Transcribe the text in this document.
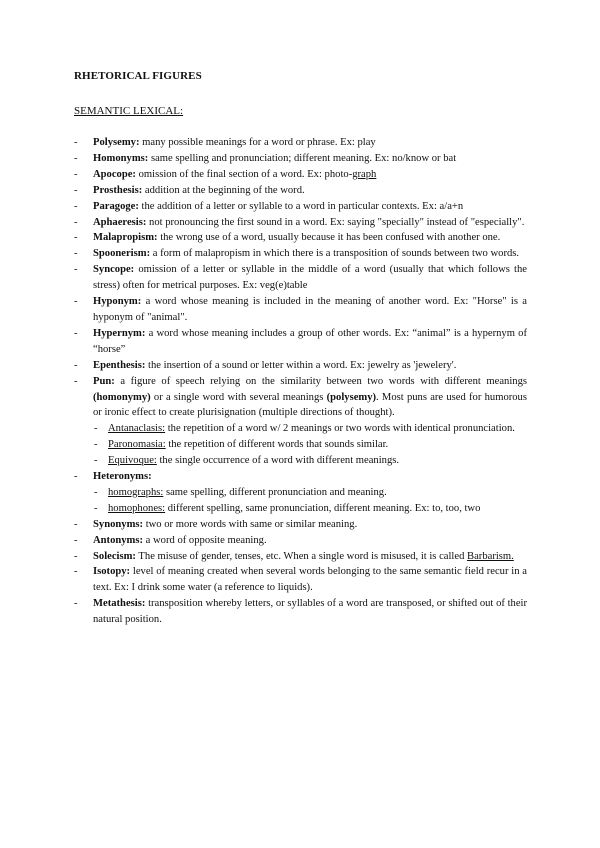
RHETORICAL FIGURES
SEMANTIC LEXICAL:
- Polysemy: many possible meanings for a word or phrase. Ex: play
- Homonyms: same spelling and pronunciation; different meaning. Ex: no/know or bat
- Apocope: omission of the final section of a word. Ex: photo-graph
- Prosthesis: addition at the beginning of the word.
- Paragoge: the addition of a letter or syllable to a word in particular contexts. Ex: a/a+n
- Aphaeresis: not pronouncing the first sound in a word. Ex: saying "specially" instead of "especially".
- Malapropism: the wrong use of a word, usually because it has been confused with another one.
- Spoonerism: a form of malapropism in which there is a transposition of sounds between two words.
- Syncope: omission of a letter or syllable in the middle of a word (usually that which follows the stress) often for metrical purposes. Ex: veg(e)table
- Hyponym: a word whose meaning is included in the meaning of another word. Ex: "Horse" is a hyponym of "animal".
- Hypernym: a word whose meaning includes a group of other words. Ex: “animal” is a hypernym of “horse”
- Epenthesis: the insertion of a sound or letter within a word. Ex: jewelry as 'jewelery'.
- Pun: a figure of speech relying on the similarity between two words with different meanings (homonymy) or a single word with several meanings (polysemy). Most puns are used for humorous or ironic effect to create plurisignation (multiple directions of thought).
- Antanaclasis: the repetition of a word w/ 2 meanings or two words with identical pronunciation.
- Paronomasia: the repetition of different words that sounds similar.
- Equivoque: the single occurrence of a word with different meanings.
- Heteronyms:
- homographs: same spelling, different pronunciation and meaning.
- homophones: different spelling, same pronunciation, different meaning. Ex: to, too, two
- Synonyms: two or more words with same or similar meaning.
- Antonyms: a word of opposite meaning.
- Solecism: The misuse of gender, tenses, etc. When a single word is misused, it is called Barbarism.
- Isotopy: level of meaning created when several words belonging to the same semantic field recur in a text. Ex: I drink some water (a reference to liquids).
- Metathesis: transposition whereby letters, or syllables of a word are transposed, or shifted out of their natural position.
